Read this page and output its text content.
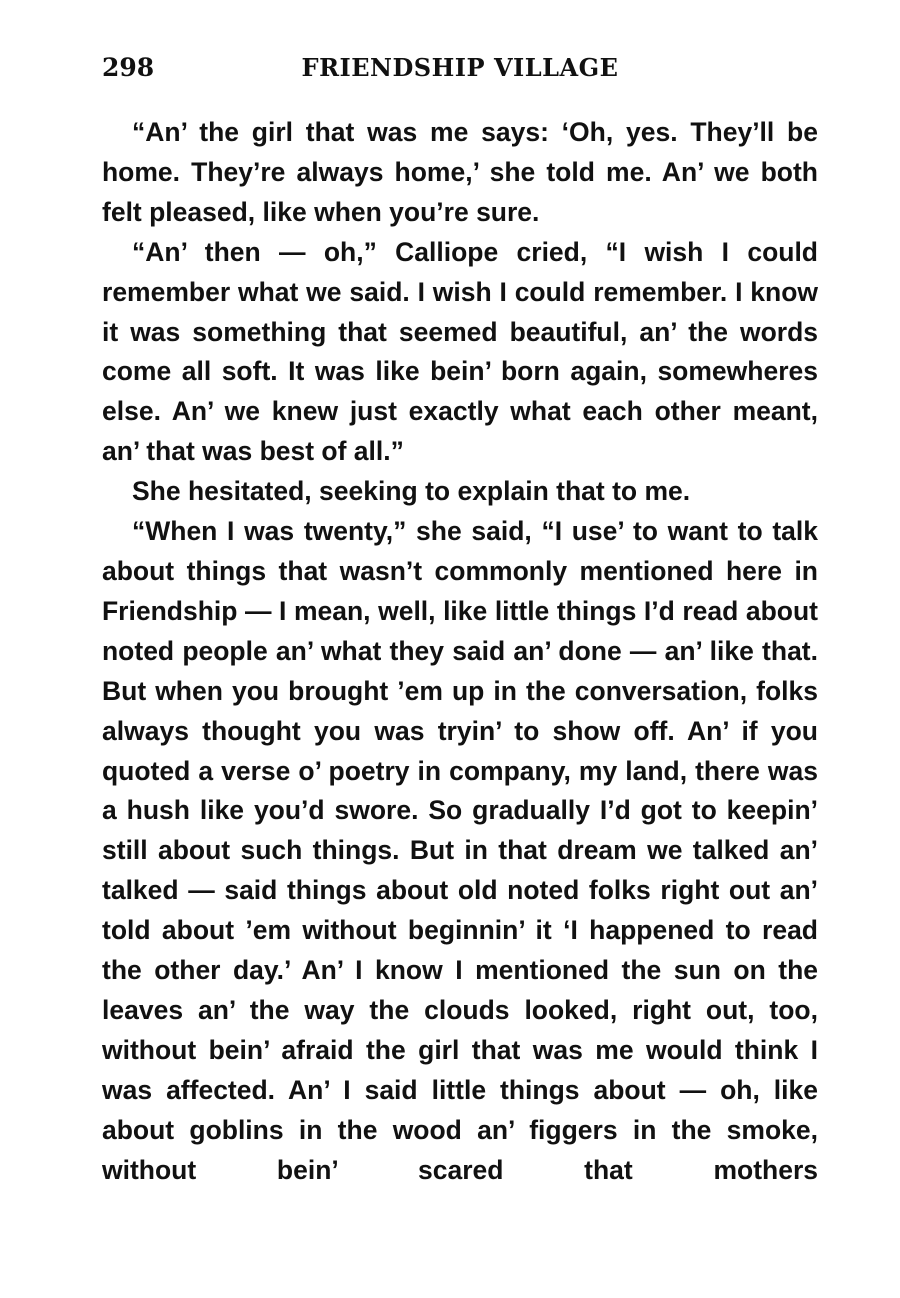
298	FRIENDSHIP VILLAGE

“An’ the girl that was me says: ‘Oh, yes. They’ll be home. They’re always home,’ she told me. An’ we both felt pleased, like when you’re sure.

“An’ then — oh,” Calliope cried, “I wish I could remember what we said. I wish I could remember. I know it was something that seemed beautiful, an’ the words come all soft. It was like bein’ born again, somewheres else. An’ we knew just exactly what each other meant, an’ that was best of all.”

She hesitated, seeking to explain that to me.

“When I was twenty,” she said, “I use’ to want to talk about things that wasn’t commonly mentioned here in Friendship — I mean, well, like little things I’d read about noted people an’ what they said an’ done — an’ like that. But when you brought ’em up in the conversation, folks always thought you was tryin’ to show off. An’ if you quoted a verse o’ poetry in company, my land, there was a hush like you’d swore. So gradually I’d got to keepin’ still about such things. But in that dream we talked an’ talked — said things about old noted folks right out an’ told about ’em without beginnin’ it ‘I happened to read the other day.’ An’ I know I mentioned the sun on the leaves an’ the way the clouds looked, right out, too, without bein’ afraid the girl that was me would think I was affected. An’ I said little things about — oh, like about goblins in the wood an’ figgers in the smoke, without bein’ scared that mothers
